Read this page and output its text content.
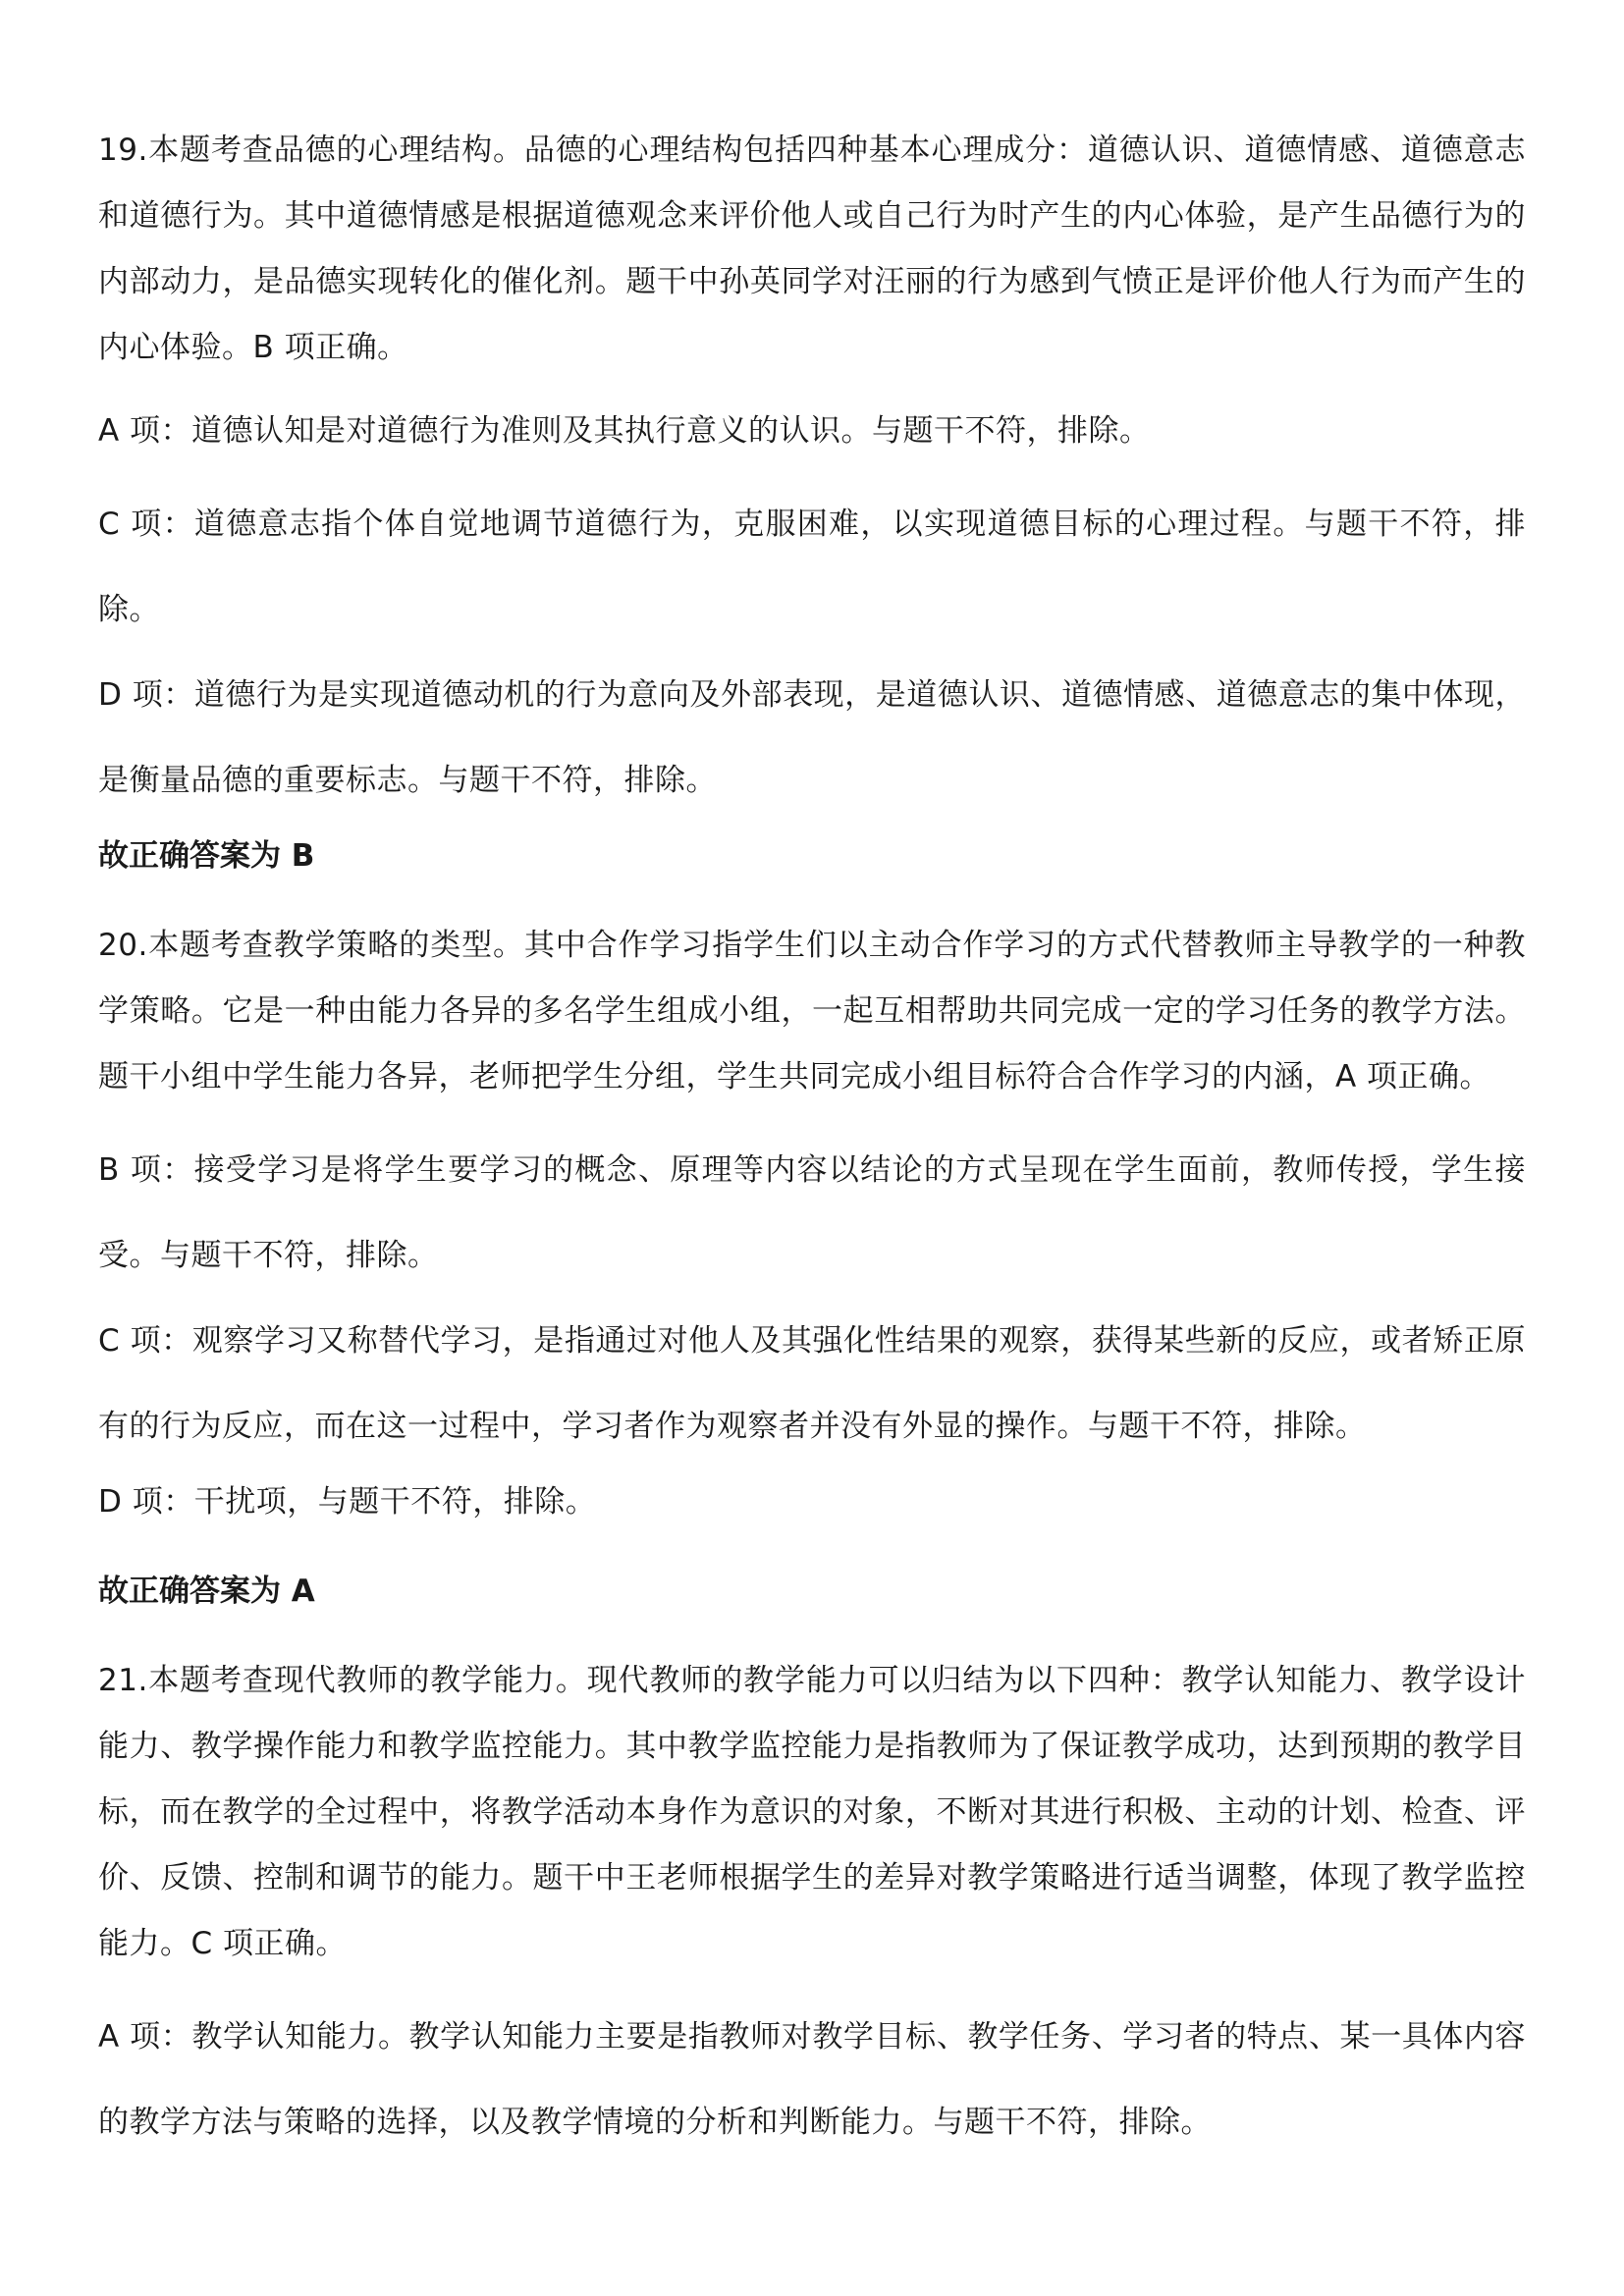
19.本题考查品德的心理结构。品德的心理结构包括四种基本心理成分：道德认识、道德情感、道德意志和道德行为。其中道德情感是根据道德观念来评价他人或自己行为时产生的内心体验，是产生品德行为的内部动力，是品德实现转化的催化剂。题干中孙英同学对汪丽的行为感到气愤正是评价他人行为而产生的内心体验。B 项正确。

A 项：道德认知是对道德行为准则及其执行意义的认识。与题干不符，排除。

C 项：道德意志指个体自觉地调节道德行为，克服困难，以实现道德目标的心理过程。与题干不符，排除。

D 项：道德行为是实现道德动机的行为意向及外部表现，是道德认识、道德情感、道德意志的集中体现，是衡量品德的重要标志。与题干不符，排除。

故正确答案为 B

20.本题考查教学策略的类型。其中合作学习指学生们以主动合作学习的方式代替教师主导教学的一种教学策略。它是一种由能力各异的多名学生组成小组，一起互相帮助共同完成一定的学习任务的教学方法。题干小组中学生能力各异，老师把学生分组，学生共同完成小组目标符合合作学习的内涵，A 项正确。

B 项：接受学习是将学生要学习的概念、原理等内容以结论的方式呈现在学生面前，教师传授，学生接受。与题干不符，排除。

C 项：观察学习又称替代学习，是指通过对他人及其强化性结果的观察，获得某些新的反应，或者矫正原有的行为反应，而在这一过程中，学习者作为观察者并没有外显的操作。与题干不符，排除。

D 项：干扰项，与题干不符，排除。

故正确答案为 A

21.本题考查现代教师的教学能力。现代教师的教学能力可以归结为以下四种：教学认知能力、教学设计能力、教学操作能力和教学监控能力。其中教学监控能力是指教师为了保证教学成功，达到预期的教学目标，而在教学的全过程中，将教学活动本身作为意识的对象，不断对其进行积极、主动的计划、检查、评价、反馈、控制和调节的能力。题干中王老师根据学生的差异对教学策略进行适当调整，体现了教学监控能力。C 项正确。

A 项：教学认知能力。教学认知能力主要是指教师对教学目标、教学任务、学习者的特点、某一具体内容的教学方法与策略的选择，以及教学情境的分析和判断能力。与题干不符，排除。
